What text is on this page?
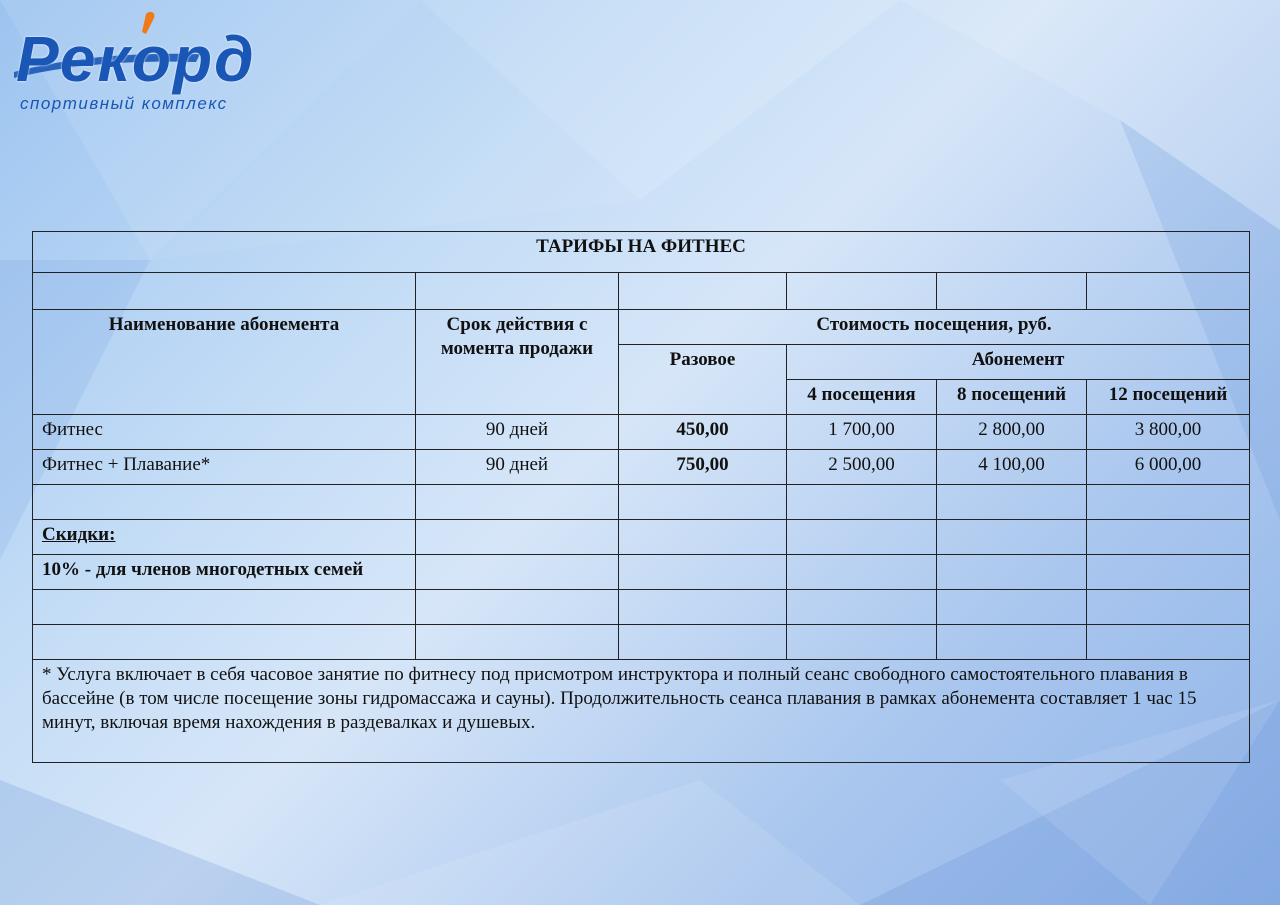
Рекорд
спортивный комплекс
ТАРИФЫ НА ФИТНЕС					

Наименование абонемента	Срок действия с момента продажи	Стоимость посещения, руб.			
		Разовое	Абонемент		
			4 посещения	8 посещений	12 посещений
Фитнес	90 дней	450,00	1 700,00	2 800,00	3 800,00
Фитнес + Плавание*	90 дней	750,00	2 500,00	4 100,00	6 000,00

Скидки:					
10% - для членов многодетных семей					

* Услуга включает в себя часовое занятие по фитнесу под присмотром инструктора и полный сеанс свободного самостоятельного плавания в бассейне (в том числе посещение зоны гидромассажа и сауны). Продолжительность сеанса плавания в рамках абонемента составляет 1 час 15 минут, включая время нахождения в раздевалках и душевых.					
